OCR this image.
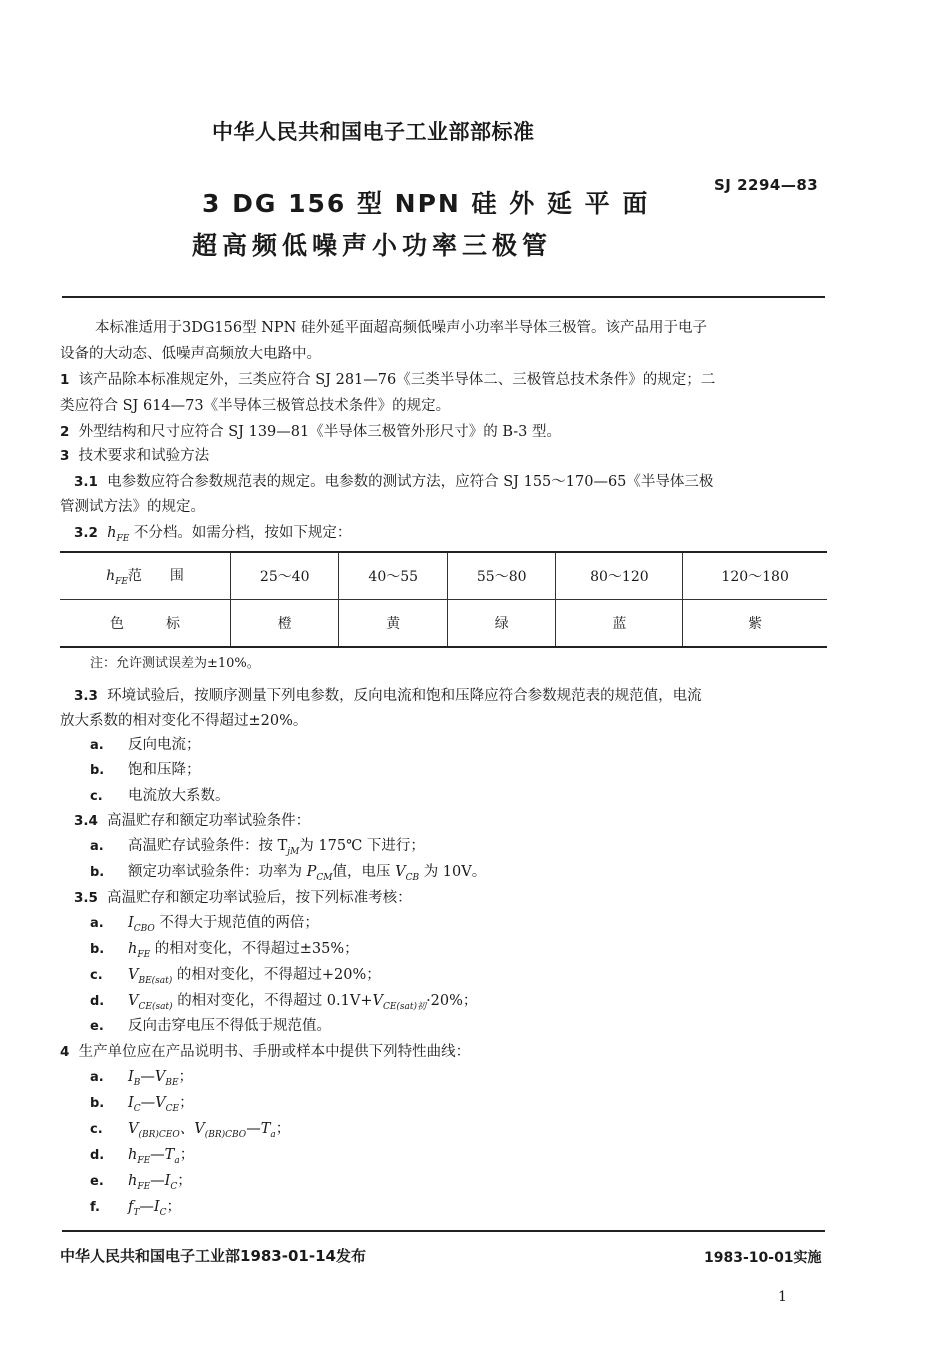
中华人民共和国电子工业部部标准
SJ 2294—83
3 DG 156 型 NPN 硅 外 延 平 面
超高频低噪声小功率三极管
本标准适用于3DG156型 NPN 硅外延平面超高频低噪声小功率半导体三极管。该产品用于电子
设备的大动态、低噪声高频放大电路中。
1 该产品除本标准规定外，三类应符合 SJ 281—76《三类半导体二、三极管总技术条件》的规定；二
类应符合 SJ 614—73《半导体三极管总技术条件》的规定。
2 外型结构和尺寸应符合 SJ 139—81《半导体三极管外形尺寸》的 B-3 型。
3 技术要求和试验方法
3.1 电参数应符合参数规范表的规定。电参数的测试方法，应符合 SJ 155～170—65《半导体三极
管测试方法》的规定。
3.2 $h_{FE}$ 不分档。如需分档，按如下规定：
$h_{FE}$范　　围	25～40	40～55	55～80	80～120	120～180
色　　　标	橙	黄	绿	蓝	紫
注：允许测试误差为±10%。
3.3 环境试验后，按顺序测量下列电参数，反向电流和饱和压降应符合参数规范表的规范值，电流
放大系数的相对变化不得超过±20%。
a. 反向电流；
b. 饱和压降；
c. 电流放大系数。
3.4 高温贮存和额定功率试验条件：
a. 高温贮存试验条件：按 $T_{jM}$为 175℃ 下进行；
b. 额定功率试验条件：功率为 $P_{CM}$值，电压 $V_{CB}$ 为 10V。
3.5 高温贮存和额定功率试验后，按下列标准考核：
a. $I_{CBO}$ 不得大于规范值的两倍；
b. $h_{FE}$ 的相对变化，不得超过±35%；
c. $V_{BE(sat)}$ 的相对变化，不得超过+20%；
d. $V_{CE(sat)}$ 的相对变化，不得超过 $0.1V+V_{CE(sat)初}\cdot 20\%$；
e. 反向击穿电压不得低于规范值。
4 生产单位应在产品说明书、手册或样本中提供下列特性曲线：
a. $I_B—V_{BE}$；
b. $I_C—V_{CE}$；
c. $V_{(BR)CEO}$、$V_{(BR)CBO}—T_a$；
d. $h_{FE}—T_a$；
e. $h_{FE}—I_C$；
f. $f_T—I_C$；
中华人民共和国电子工业部1983-01-14发布	1983-10-01实施
1
